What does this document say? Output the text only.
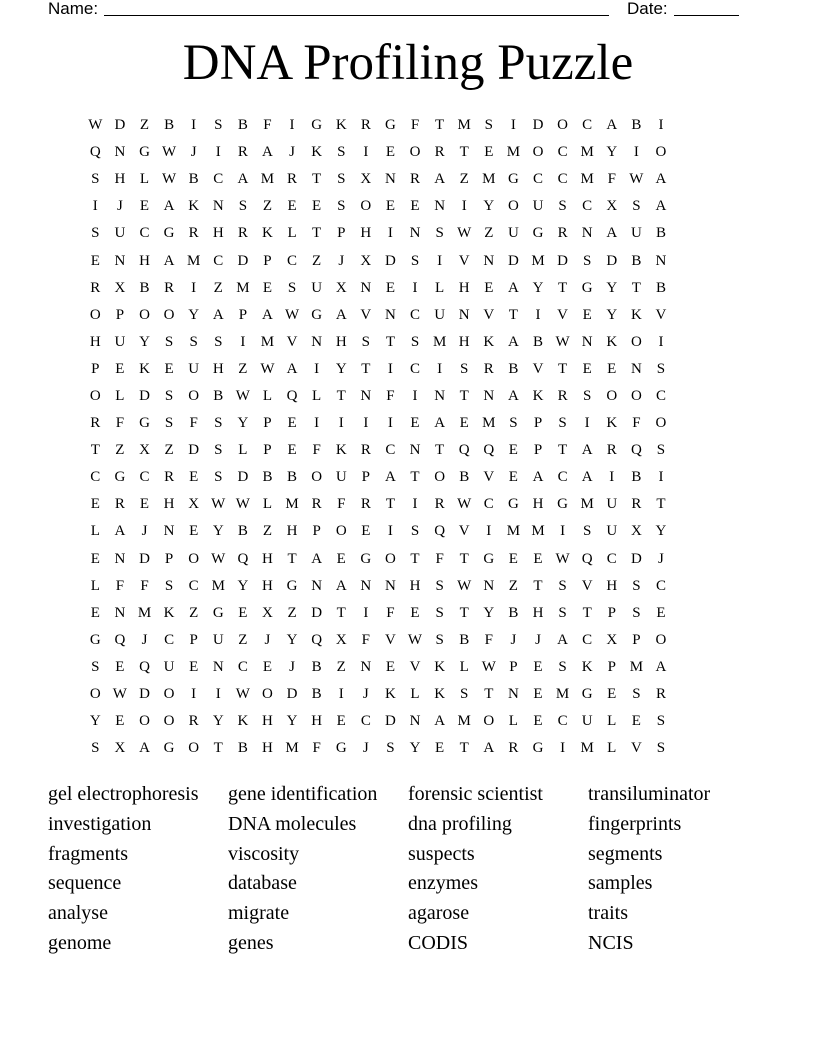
Name:	Date:
DNA Profiling Puzzle
W D Z	B	I	S	B	F	I	G K R G	F	T M S	I	D O C A B	I
Q N G W J	I	R A	J	K	S	I	E O R	T	E M O C M Y	I	O
S	H L W B C A M R	T	S	X N R A Z M G C C M F W A
I	J	E A K N	S	Z	E	E	S	O E	E N	I	Y O U	S	C X	S	A
S	U C G R H R K L	T	P	H	I	N	S W Z U G R N A U B
E N H A M C D	P	C	Z	J	X D	S	I	V N D M D	S	D B N
R X B R	I	Z M E	S	U X N E	I	L H E A Y T G Y T	B
O	P	O O Y A	P	A W G A V N C U N V T	I	V E Y K V
H U Y	S	S	S	I	M V N H	S	T	S M H K A B W N K O	I
P	E K E U H Z W A	I	Y T	I	C	I	S	R B V T	E	E N	S
O L D	S	O B W L Q L	T N	F	I	N T N A K R	S	O O C
R	F	G	S	F	S	Y	P	E	I	I	I	I	E A E M S	P	S	I	K	F	O
T	Z X Z D	S	L	P	E	F	K R C N T Q Q E	P	T A R Q	S
C G C R	E	S	D B B O U	P	A T O B V E A C A	I	B	I
E	R	E H X W W L M R	F	R	T	I	R W C G H G M U R	T
L A	J	N E Y B	Z H	P	O E	I	S	Q V	I	M M	I	S	U X Y
E N D	P	O W Q H T A E G O T	F	T G E	E W Q C D	J
L	F	F	S	C M Y H G N A N N H	S W N Z	T	S	V H	S	C
E N M K Z G E X Z D T	I	F	E	S	T Y B H	S	T	P	S	E
G Q	J	C	P	U Z	J	Y Q X	F	V W S	B	F	J	J	A C X	P	O
S	E Q U E N C	E	J	B	Z N E V K L W P	E	S	K	P M A
O W D O	I	I	W O D B	I	J	K L K	S	T N E M G E	S	R
Y E O O R Y K H Y H E	C D N A M O L	E	C U L	E	S
S	X A G O T	B H M F	G	J	S	Y E	T A R G	I	M L V	S
gel electrophoresis	gene identification	forensic scientist	transiluminator
investigation	DNA molecules	dna profiling	fingerprints
fragments	viscosity	suspects	segments
sequence	database	enzymes	samples
analyse	migrate	agarose	traits
genome	genes	CODIS	NCIS
